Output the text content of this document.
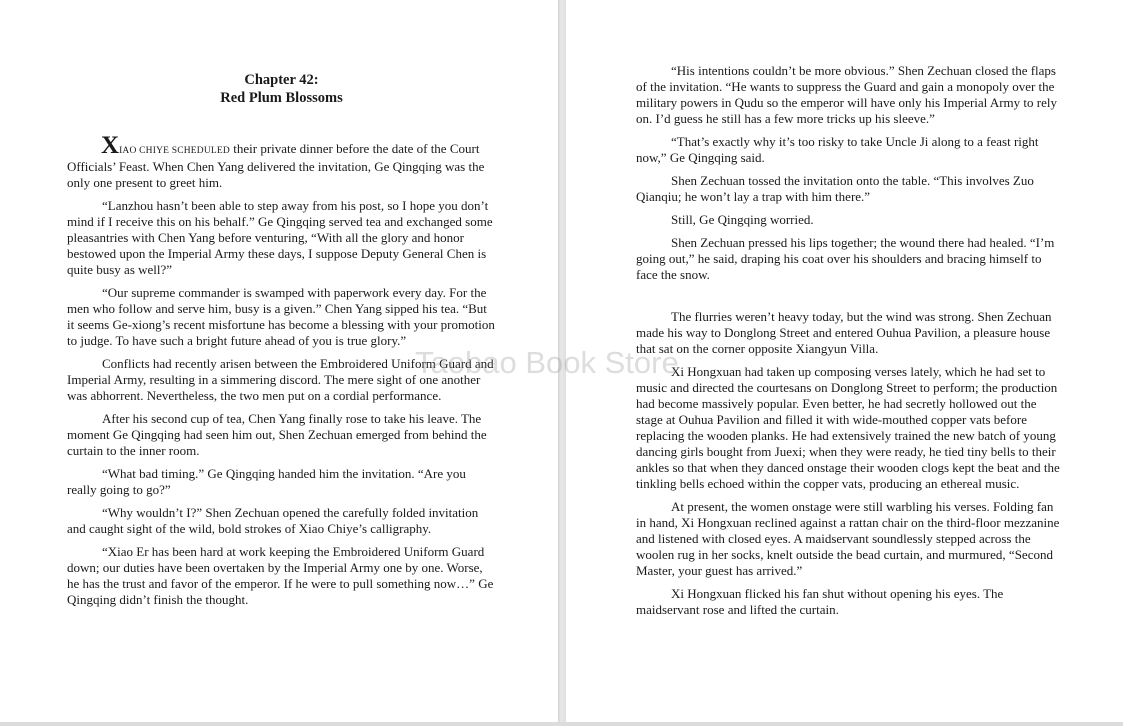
Chapter 42:
Red Plum Blossoms

XIAO CHIYE SCHEDULED their private dinner before the date of the Court Officials’ Feast. When Chen Yang delivered the invitation, Ge Qingqing was the only one present to greet him.

“Lanzhou hasn’t been able to step away from his post, so I hope you don’t mind if I receive this on his behalf.” Ge Qingqing served tea and exchanged some pleasantries with Chen Yang before venturing, “With all the glory and honor bestowed upon the Imperial Army these days, I suppose Deputy General Chen is quite busy as well?”

“Our supreme commander is swamped with paperwork every day. For the men who follow and serve him, busy is a given.” Chen Yang sipped his tea. “But it seems Ge-xiong’s recent misfortune has become a blessing with your promotion to judge. To have such a bright future ahead of you is true glory.”

Conflicts had recently arisen between the Embroidered Uniform Guard and Imperial Army, resulting in a simmering discord. The mere sight of one another was abhorrent. Nevertheless, the two men put on a cordial performance.

After his second cup of tea, Chen Yang finally rose to take his leave. The moment Ge Qingqing had seen him out, Shen Zechuan emerged from behind the curtain to the inner room.

“What bad timing.” Ge Qingqing handed him the invitation. “Are you really going to go?”

“Why wouldn’t I?” Shen Zechuan opened the carefully folded invitation and caught sight of the wild, bold strokes of Xiao Chiye’s calligraphy.

“Xiao Er has been hard at work keeping the Embroidered Uniform Guard down; our duties have been overtaken by the Imperial Army one by one. Worse, he has the trust and favor of the emperor. If he were to pull something now…” Ge Qingqing didn’t finish the thought.

“His intentions couldn’t be more obvious.” Shen Zechuan closed the flaps of the invitation. “He wants to suppress the Guard and gain a monopoly over the military powers in Qudu so the emperor will have only his Imperial Army to rely on. I’d guess he still has a few more tricks up his sleeve.”

“That’s exactly why it’s too risky to take Uncle Ji along to a feast right now,” Ge Qingqing said.

Shen Zechuan tossed the invitation onto the table. “This involves Zuo Qianqiu; he won’t lay a trap with him there.”

Still, Ge Qingqing worried.

Shen Zechuan pressed his lips together; the wound there had healed. “I’m going out,” he said, draping his coat over his shoulders and bracing himself to face the snow.

The flurries weren’t heavy today, but the wind was strong. Shen Zechuan made his way to Donglong Street and entered Ouhua Pavilion, a pleasure house that sat on the corner opposite Xiangyun Villa.

Xi Hongxuan had taken up composing verses lately, which he had set to music and directed the courtesans on Donglong Street to perform; the production had become massively popular. Even better, he had secretly hollowed out the stage at Ouhua Pavilion and filled it with wide-mouthed copper vats before replacing the wooden planks. He had extensively trained the new batch of young dancing girls bought from Juexi; when they were ready, he tied tiny bells to their ankles so that when they danced onstage their wooden clogs kept the beat and the tinkling bells echoed within the copper vats, producing an ethereal music.

At present, the women onstage were still warbling his verses. Folding fan in hand, Xi Hongxuan reclined against a rattan chair on the third-floor mezzanine and listened with closed eyes. A maidservant soundlessly stepped across the woolen rug in her socks, knelt outside the bead curtain, and murmured, “Second Master, your guest has arrived.”

Xi Hongxuan flicked his fan shut without opening his eyes. The maidservant rose and lifted the curtain.

Taobao Book Store
